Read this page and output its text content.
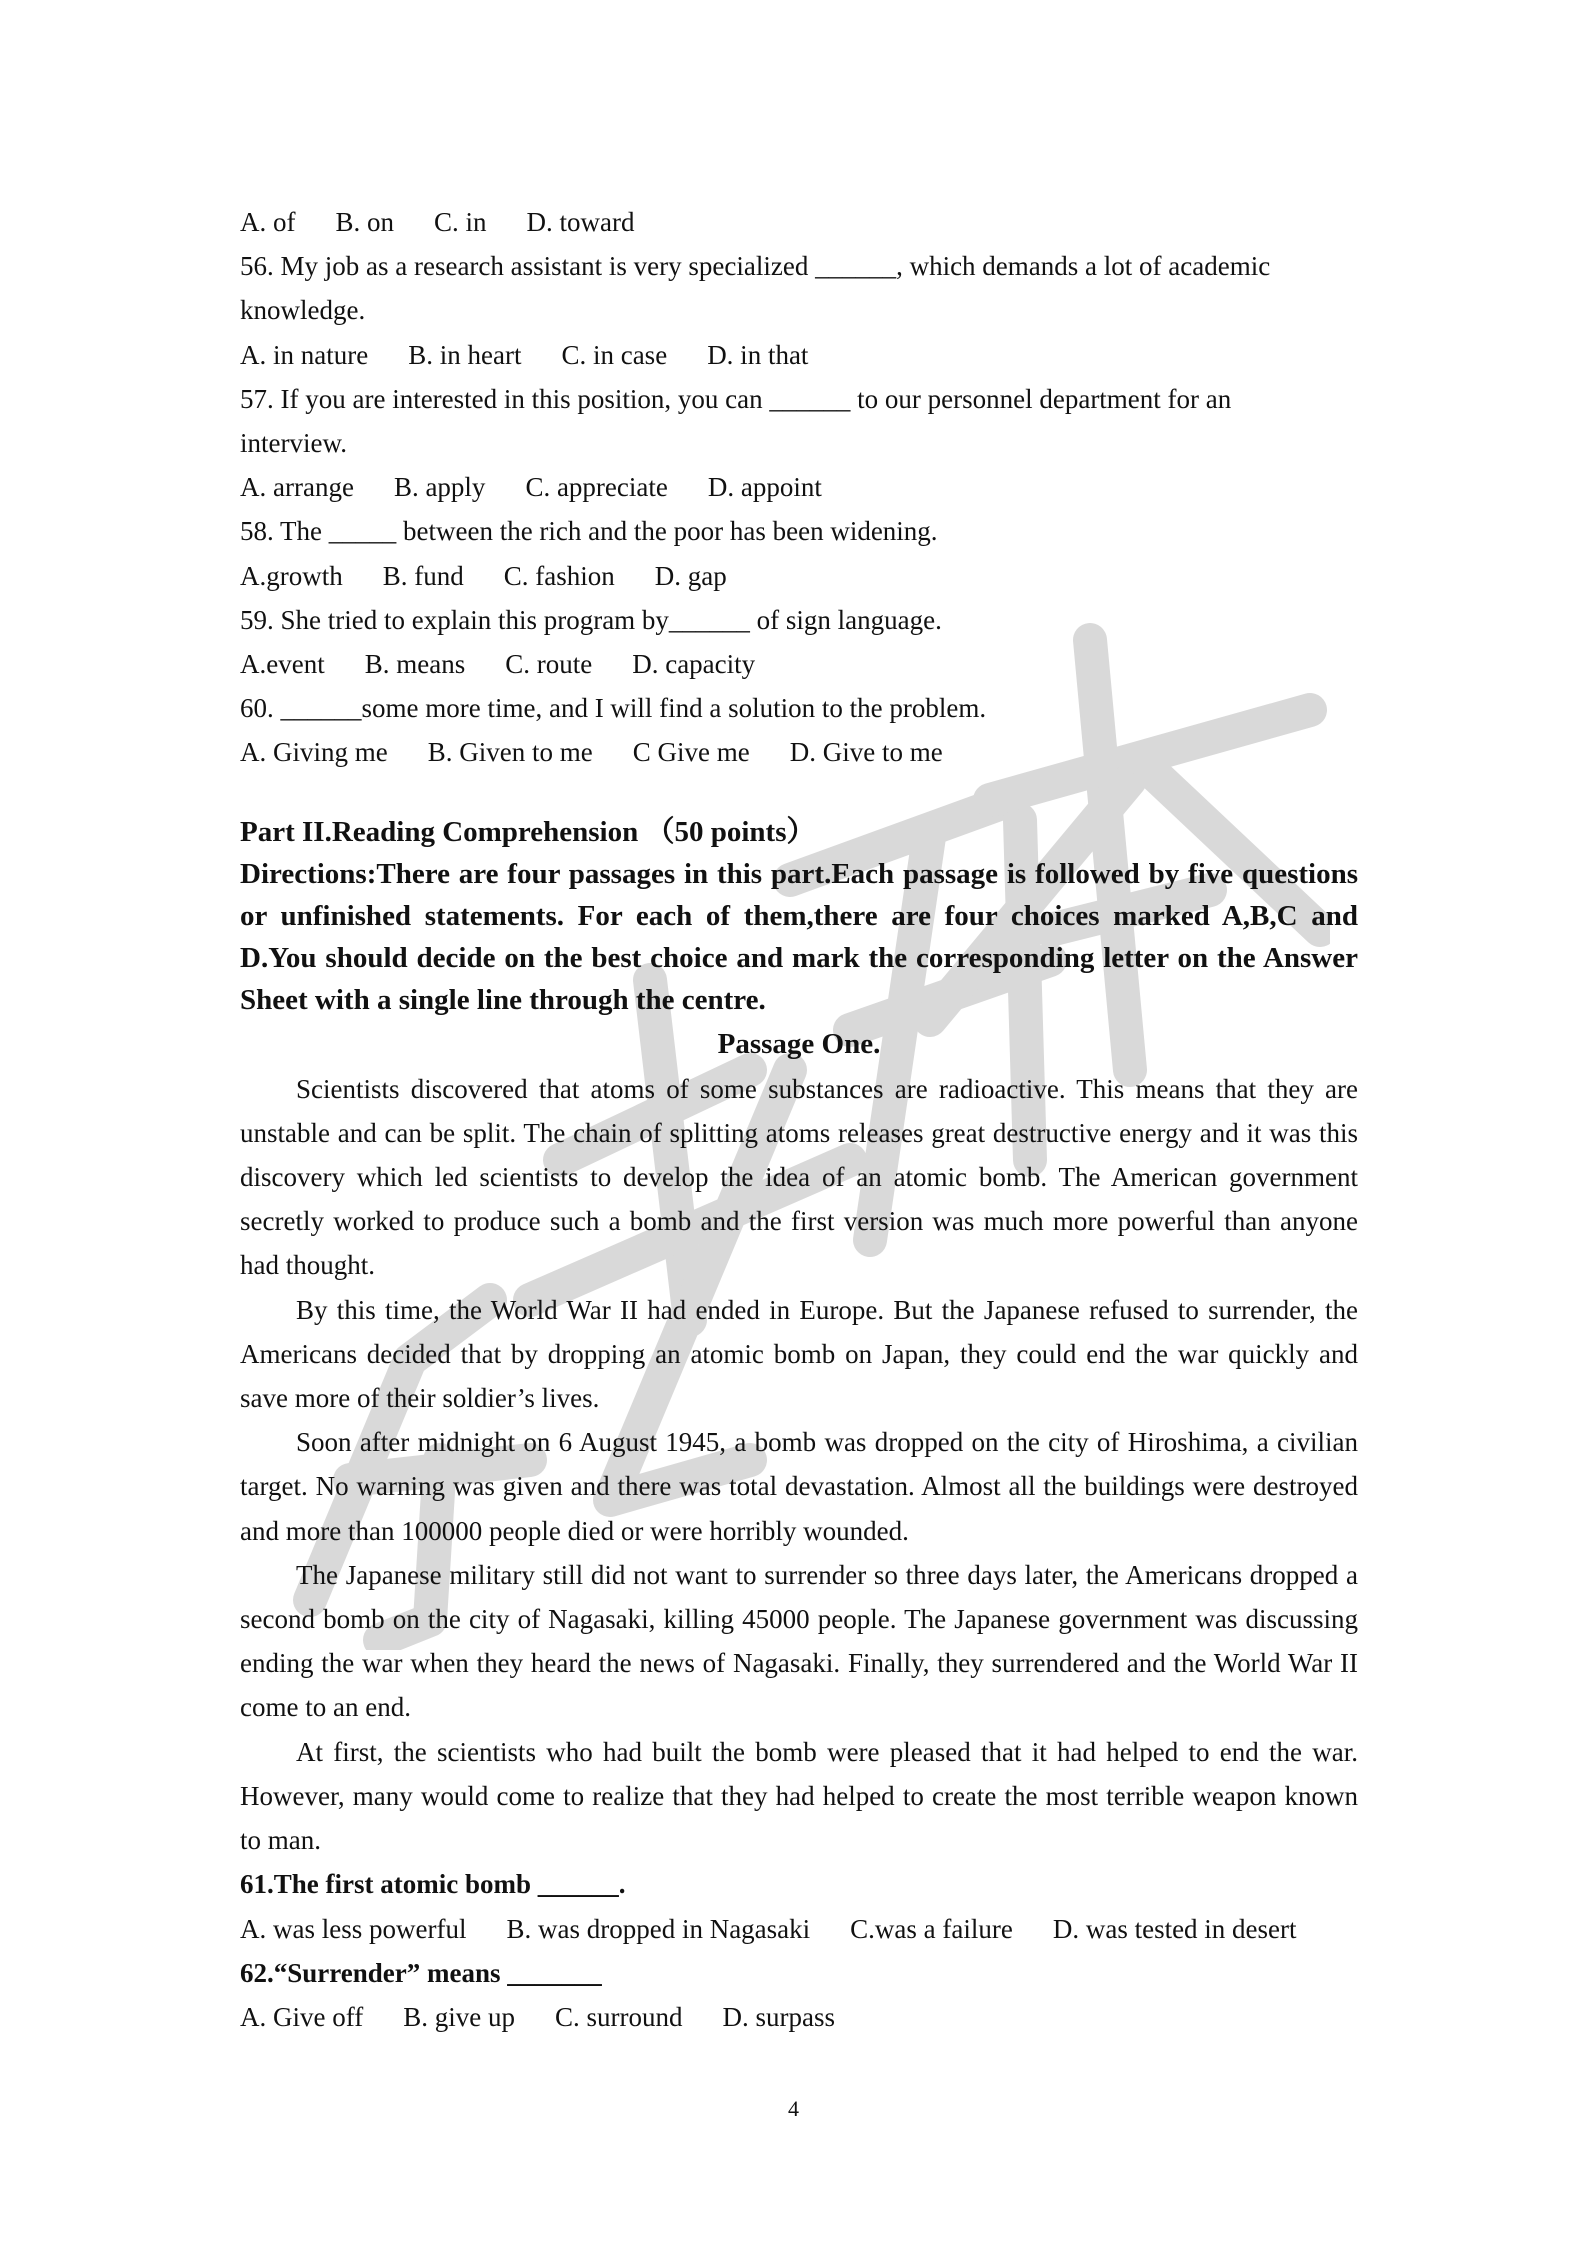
A. of B. on C. in D. toward
56. My job as a research assistant is very specialized ______, which demands a lot of academic
knowledge.
A. in nature B. in heart C. in case D. in that
57. If you are interested in this position, you can ______ to our personnel department for an
interview.
A. arrange B. apply C. appreciate D. appoint
58. The _____ between the rich and the poor has been widening.
A.growth B. fund C. fashion D. gap
59. She tried to explain this program by______ of sign language.
A.event B. means C. route D. capacity
60. ______some more time, and I will find a solution to the problem.
A. Giving me B. Given to me C Give me D. Give to me
Part II.Reading Comprehension （50 points）
Directions:There are four passages in this part.Each passage is followed by five questions or unfinished statements. For each of them,there are four choices marked A,B,C and D.You should decide on the best choice and mark the corresponding letter on the Answer Sheet with a single line through the centre.
Passage One.
Scientists discovered that atoms of some substances are radioactive. This means that they are unstable and can be split. The chain of splitting atoms releases great destructive energy and it was this discovery which led scientists to develop the idea of an atomic bomb. The American government secretly worked to produce such a bomb and the first version was much more powerful than anyone had thought.
By this time, the World War II had ended in Europe. But the Japanese refused to surrender, the Americans decided that by dropping an atomic bomb on Japan, they could end the war quickly and save more of their soldier’s lives.
Soon after midnight on 6 August 1945, a bomb was dropped on the city of Hiroshima, a civilian target. No warning was given and there was total devastation. Almost all the buildings were destroyed and more than 100000 people died or were horribly wounded.
The Japanese military still did not want to surrender so three days later, the Americans dropped a second bomb on the city of Nagasaki, killing 45000 people. The Japanese government was discussing ending the war when they heard the news of Nagasaki. Finally, they surrendered and the World War II come to an end.
At first, the scientists who had built the bomb were pleased that it had helped to end the war. However, many would come to realize that they had helped to create the most terrible weapon known to man.
61.The first atomic bomb ______.
A. was less powerful B. was dropped in Nagasaki C.was a failure D. was tested in desert
62.“Surrender” means _______
A. Give off B. give up C. surround D. surpass
4
